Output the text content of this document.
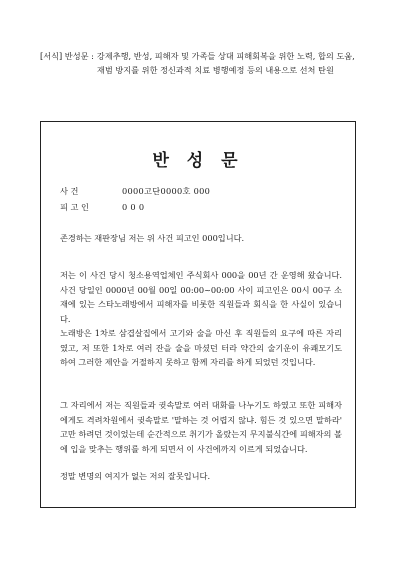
[서식] 반성문 : 강제추행, 반성, 피해자 및 가족들 상대 피해회복을 위한 노력, 합의 도움, 재범 방지를 위한 정신과적 치료 병행예정 등의 내용으로 선처 탄원
반 성 문
사 건	0000고단0000호 000
피 고 인	0 0 0

존경하는 재판장님 저는 위 사건 피고인 000입니다.

저는 이 사건 당시 청소용역업체인 주식회사 000을 00년 간 운영해 왔습니다. 사건 당일인 0000년 00월 00일 00:00~00:00 사이 피고인은 00시 00구 소재에 있는 스타노래방에서 피해자를 비롯한 직원들과 회식을 한 사실이 있습니다.

노래방은 1차로 삼겹살집에서 고기와 술을 마신 후 직원들의 요구에 따른 자리였고, 저 또한 1차로 여러 잔을 술을 마셨던 터라 약간의 술기운이 유쾌모기도 하여 그러한 제안을 거절하지 못하고 함께 자리를 하게 되었던 것입니다.

그 자리에서 저는 직원들과 귓속말로 여러 대화를 나누기도 하였고 또한 피해자에게도 격려차원에서 귓속말로 '말하는 것 어렵지 않냐. 힘든 것 있으면 말하라' 고만 하려던 것이었는데 순간적으로 취기가 올랐는지 무지불식간에 피해자의 볼에 입을 맞추는 행위를 하게 되면서 이 사건에까지 이르게 되었습니다.

정말 변명의 여지가 없는 저의 잘못입니다.
